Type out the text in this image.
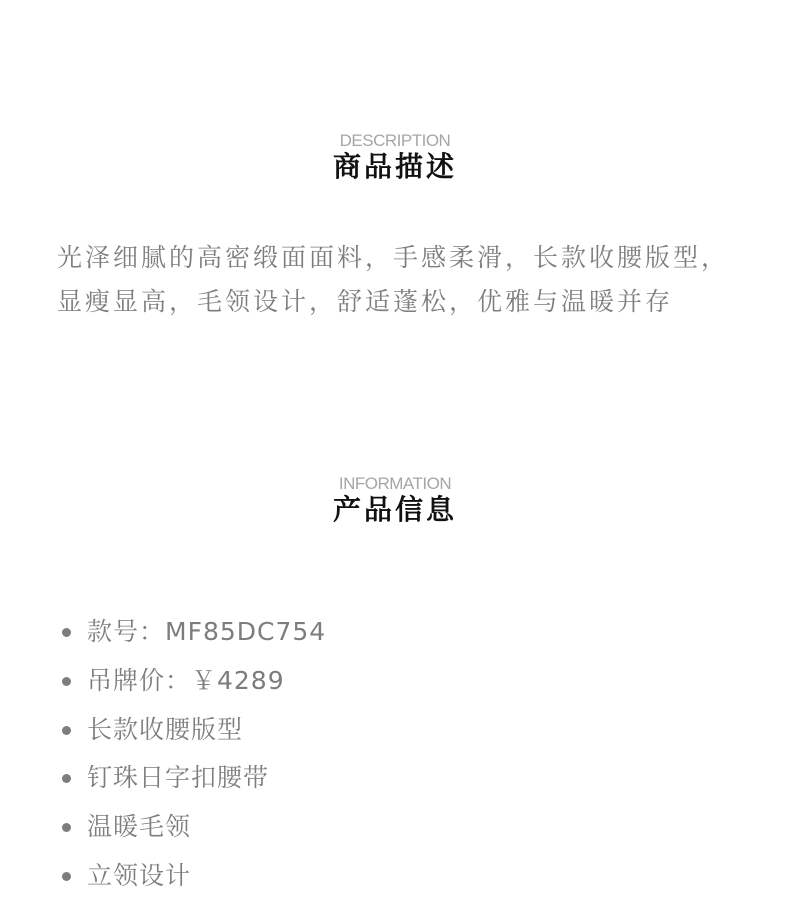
DESCRIPTION
商品描述

光泽细腻的高密缎面面料，手感柔滑，长款收腰版型，显瘦显高，毛领设计，舒适蓬松，优雅与温暖并存

INFORMATION
产品信息
款号：MF85DC754
吊牌价：￥4289
长款收腰版型
钉珠日字扣腰带
温暖毛领
立领设计
